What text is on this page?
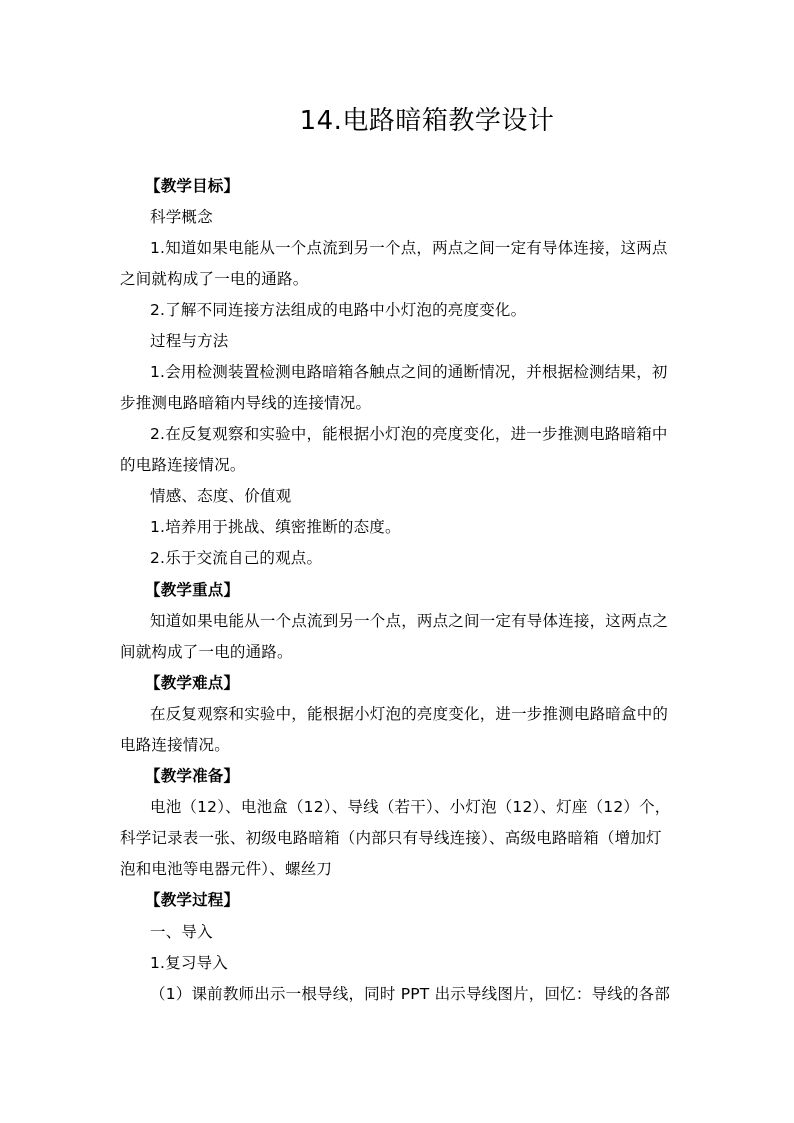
14.电路暗箱教学设计
【教学目标】
科学概念
1.知道如果电能从一个点流到另一个点，两点之间一定有导体连接，这两点
之间就构成了一电的通路。
2.了解不同连接方法组成的电路中小灯泡的亮度变化。
过程与方法
1.会用检测装置检测电路暗箱各触点之间的通断情况，并根据检测结果，初
步推测电路暗箱内导线的连接情况。
2.在反复观察和实验中，能根据小灯泡的亮度变化，进一步推测电路暗箱中
的电路连接情况。
情感、态度、价值观
1.培养用于挑战、缜密推断的态度。
2.乐于交流自己的观点。
【教学重点】
知道如果电能从一个点流到另一个点，两点之间一定有导体连接，这两点之
间就构成了一电的通路。
【教学难点】
在反复观察和实验中，能根据小灯泡的亮度变化，进一步推测电路暗盒中的
电路连接情况。
【教学准备】
电池（12）、电池盒（12）、导线（若干）、小灯泡（12）、灯座（12）个，
科学记录表一张、初级电路暗箱（内部只有导线连接）、高级电路暗箱（增加灯
泡和电池等电器元件）、螺丝刀
【教学过程】
一、导入
1.复习导入
（1）课前教师出示一根导线，同时 PPT 出示导线图片，回忆：导线的各部
